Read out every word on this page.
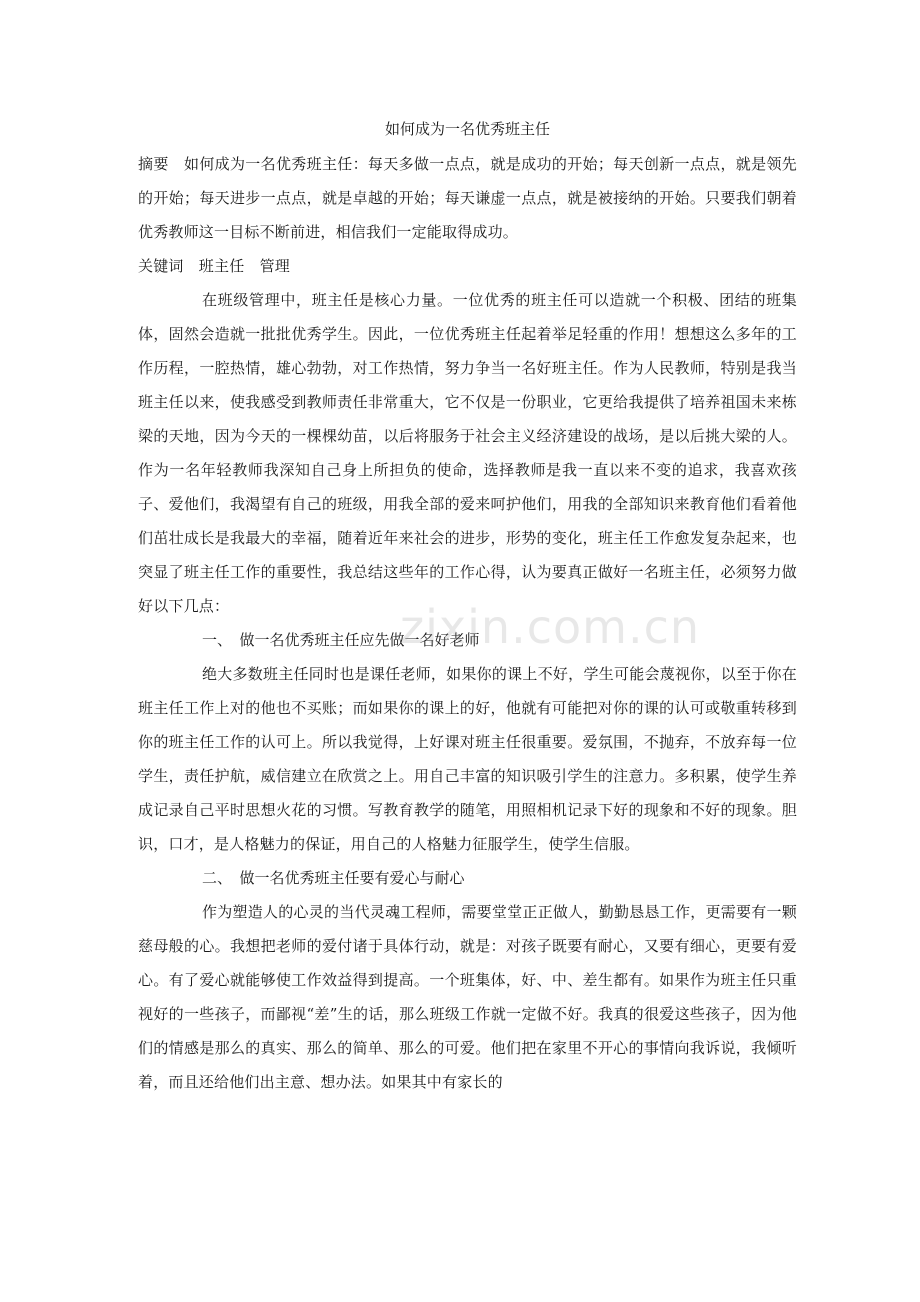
如何成为一名优秀班主任

摘要　如何成为一名优秀班主任：每天多做一点点，就是成功的开始；每天创新一点点，就是领先的开始；每天进步一点点，就是卓越的开始；每天谦虚一点点，就是被接纳的开始。只要我们朝着优秀教师这一目标不断前进，相信我们一定能取得成功。

关键词　班主任　管理

在班级管理中，班主任是核心力量。一位优秀的班主任可以造就一个积极、团结的班集体，固然会造就一批批优秀学生。因此，一位优秀班主任起着举足轻重的作用！想想这么多年的工作历程，一腔热情，雄心勃勃，对工作热情，努力争当一名好班主任。作为人民教师，特别是我当班主任以来，使我感受到教师责任非常重大，它不仅是一份职业，它更给我提供了培养祖国未来栋梁的天地，因为今天的一棵棵幼苗，以后将服务于社会主义经济建设的战场，是以后挑大梁的人。作为一名年轻教师我深知自己身上所担负的使命，选择教师是我一直以来不变的追求，我喜欢孩子、爱他们，我渴望有自己的班级，用我全部的爱来呵护他们，用我的全部知识来教育他们看着他们茁壮成长是我最大的幸福，随着近年来社会的进步，形势的变化，班主任工作愈发复杂起来，也突显了班主任工作的重要性，我总结这些年的工作心得，认为要真正做好一名班主任，必须努力做好以下几点：

一、　做一名优秀班主任应先做一名好老师

绝大多数班主任同时也是课任老师，如果你的课上不好，学生可能会蔑视你，以至于你在班主任工作上对的他也不买账；而如果你的课上的好，他就有可能把对你的课的认可或敬重转移到你的班主任工作的认可上。所以我觉得，上好课对班主任很重要。爱氛围，不抛弃，不放弃每一位学生，责任护航，威信建立在欣赏之上。用自己丰富的知识吸引学生的注意力。多积累，使学生养成记录自己平时思想火花的习惯。写教育教学的随笔，用照相机记录下好的现象和不好的现象。胆识，口才，是人格魅力的保证，用自己的人格魅力征服学生，使学生信服。

二、　做一名优秀班主任要有爱心与耐心

作为塑造人的心灵的当代灵魂工程师，需要堂堂正正做人，勤勤恳恳工作，更需要有一颗慈母般的心。我想把老师的爱付诸于具体行动，就是：对孩子既要有耐心，又要有细心，更要有爱心。有了爱心就能够使工作效益得到提高。一个班集体，好、中、差生都有。如果作为班主任只重视好的一些孩子，而鄙视“差”生的话，那么班级工作就一定做不好。我真的很爱这些孩子，因为他们的情感是那么的真实、那么的简单、那么的可爱。他们把在家里不开心的事情向我诉说，我倾听着，而且还给他们出主意、想办法。如果其中有家长的

zixin.com.cn
